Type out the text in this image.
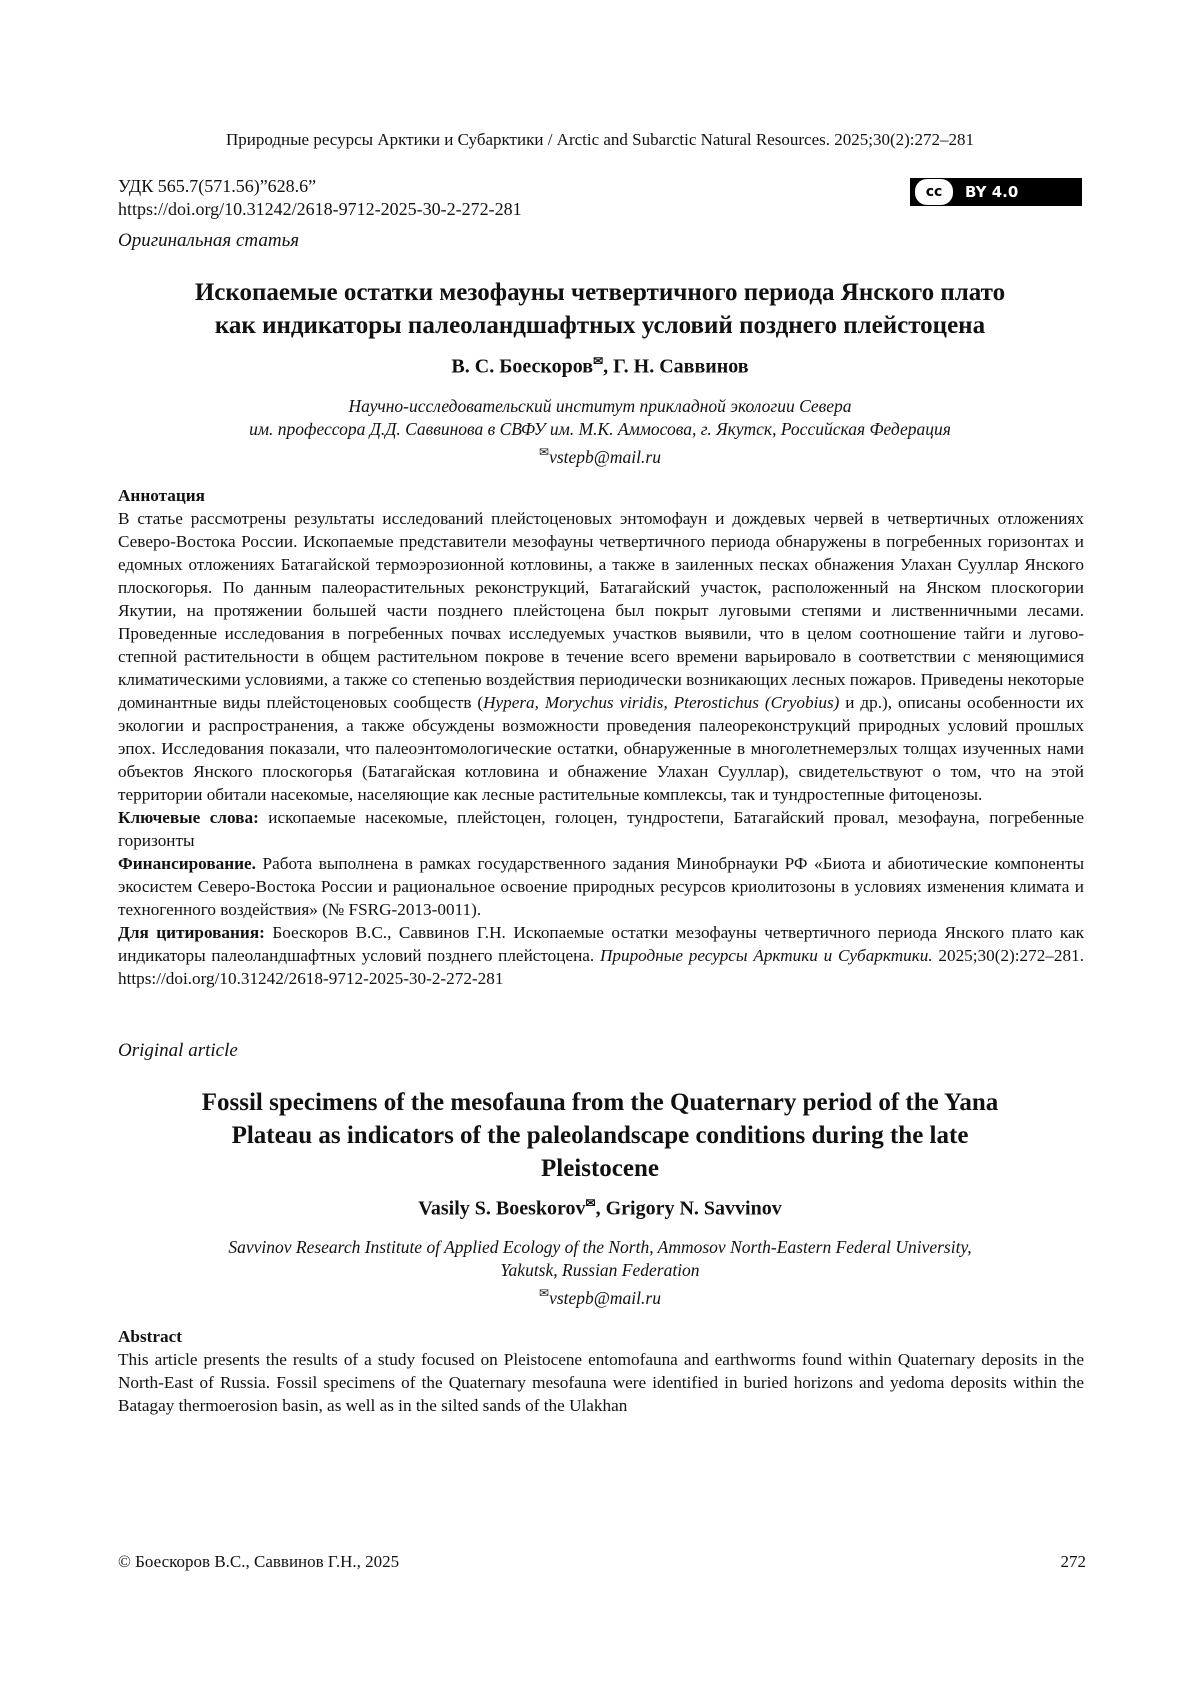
Природные ресурсы Арктики и Субарктики / Arctic and Subarctic Natural Resources. 2025;30(2):272–281
УДК 565.7(571.56)”628.6”
https://doi.org/10.31242/2618-9712-2025-30-2-272-281
cc	BY 4.0
Оригинальная статья
Ископаемые остатки мезофауны четвертичного периода Янского плато
как индикаторы палеоландшафтных условий позднего плейстоцена
В. С. Боескоров✉, Г. Н. Саввинов
Научно-исследовательский институт прикладной экологии Севера
им. профессора Д.Д. Саввинова в СВФУ им. М.К. Аммосова, г. Якутск, Российская Федерация
✉vstepb@mail.ru
Аннотация

В статье рассмотрены результаты исследований плейстоценовых энтомофаун и дождевых червей в четвертичных отложениях Северо-Востока России. Ископаемые представители мезофауны четвертичного периода обнаружены в погребенных горизонтах и едомных отложениях Батагайской термоэрозионной котловины, а также в заиленных песках обнажения Улахан Сууллар Янского плоскогорья. По данным палеорастительных реконструкций, Батагайский участок, расположенный на Янском плоскогории Якутии, на протяжении большей части позднего плейстоцена был покрыт луговыми степями и лиственничными лесами. Проведенные исследования в погребенных почвах исследуемых участков выявили, что в целом соотношение тайги и лугово-степной растительности в общем растительном покрове в течение всего времени варьировало в соответствии с меняющимися климатическими условиями, а также со степенью воздействия периодически возникающих лесных пожаров. Приведены некоторые доминантные виды плейстоценовых сообществ (Hypera, Morychus viridis, Pterostichus (Cryobius) и др.), описаны особенности их экологии и распространения, а также обсуждены возможности проведения палеореконструкций природных условий прошлых эпох. Исследования показали, что палеоэнтомологические остатки, обнаруженные в многолетнемерзлых толщах изученных нами объектов Янского плоскогорья (Батагайская котловина и обнажение Улахан Сууллар), свидетельствуют о том, что на этой территории обитали насекомые, населяющие как лесные растительные комплексы, так и тундростепные фитоценозы.

Ключевые слова: ископаемые насекомые, плейстоцен, голоцен, тундростепи, Батагайский провал, мезофауна, погребенные горизонты

Финансирование. Работа выполнена в рамках государственного задания Минобрнауки РФ «Биота и абиотические компоненты экосистем Северо-Востока России и рациональное освоение природных ресурсов криолитозоны в условиях изменения климата и техногенного воздействия» (№ FSRG-2013-0011).

Для цитирования: Боескоров В.С., Саввинов Г.Н. Ископаемые остатки мезофауны четвертичного периода Янского плато как индикаторы палеоландшафтных условий позднего плейстоцена. Природные ресурсы Арктики и Субарктики. 2025;30(2):272–281. https://doi.org/10.31242/2618-9712-2025-30-2-272-281

Original article
Fossil specimens of the mesofauna from the Quaternary period of the Yana
Plateau as indicators of the paleolandscape conditions during the late
Pleistocene
Vasily S. Boeskorov✉, Grigory N. Savvinov
Savvinov Research Institute of Applied Ecology of the North, Ammosov North-Eastern Federal University,
Yakutsk, Russian Federation
✉vstepb@mail.ru
Abstract

This article presents the results of a study focused on Pleistocene entomofauna and earthworms found within Quaternary deposits in the North-East of Russia. Fossil specimens of the Quaternary mesofauna were identified in buried horizons and yedoma deposits within the Batagay thermoerosion basin, as well as in the silted sands of the Ulakhan

© Боескоров В.С., Саввинов Г.Н., 2025	272
